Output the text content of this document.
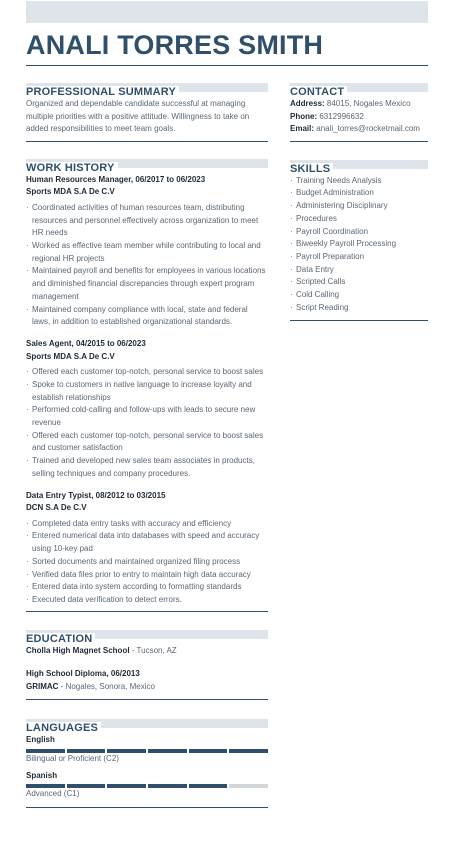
ANALI TORRES SMITH
PROFESSIONAL SUMMARY

Organized and dependable candidate successful at managing multiple priorities with a positive attitude. Willingness to take on added responsibilities to meet team goals.

WORK HISTORY
Human Resources Manager, 06/2017 to 06/2023
Sports MDA S.A De C.V
· Coordinated activities of human resources team, distributing resources and personnel effectively across organization to meet HR needs
· Worked as effective team member while contributing to local and regional HR projects
· Maintained payroll and benefits for employees in various locations and diminished financial discrepancies through expert program management
· Maintained company compliance with local, state and federal laws, in addition to established organizational standards.
Sales Agent, 04/2015 to 06/2023
Sports MDA S.A De C.V
· Offered each customer top-notch, personal service to boost sales
· Spoke to customers in native language to increase loyalty and establish relationships
· Performed cold-calling and follow-ups with leads to secure new revenue
· Offered each customer top-notch, personal service to boost sales and customer satisfaction
· Trained and developed new sales team associates in products, selling techniques and company procedures.
Data Entry Typist, 08/2012 to 03/2015
DCN S.A De C.V
· Completed data entry tasks with accuracy and efficiency
· Entered numerical data into databases with speed and accuracy using 10-key pad
· Sorted documents and maintained organized filing process
· Verified data files prior to entry to maintain high data accuracy
· Entered data into system according to formatting standards
· Executed data verification to detect errors.
EDUCATION
Cholla High Magnet School - Tucson, AZ
High School Diploma, 06/2013
GRIMAC - Nogales, Sonora, Mexico
LANGUAGES
English
Bilingual or Proficient (C2)
Spanish
Advanced (C1)
CONTACT
Address: 84015, Nogales Mexico
Phone: 6312996632
Email: anali_torres@rocketmail.com
SKILLS
· Training Needs Analysis
· Budget Administration
· Administering Disciplinary
· Procedures
· Payroll Coordination
· Biweekly Payroll Processing
· Payroll Preparation
· Data Entry
· Scripted Calls
· Cold Calling
· Script Reading
